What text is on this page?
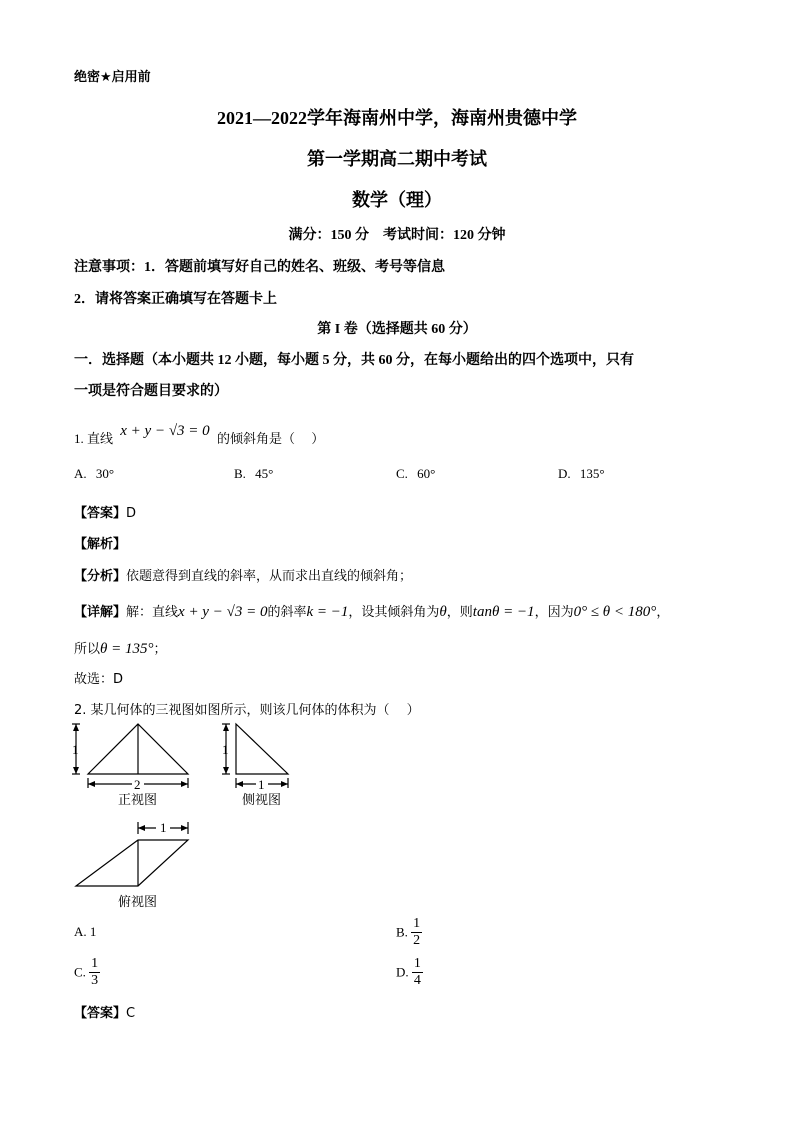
绝密★启用前
2021—2022学年海南州中学，海南州贵德中学
第一学期高二期中考试
数学（理）
满分：150 分　考试时间：120 分钟
注意事项：1．答题前填写好自己的姓名、班级、考号等信息
2．请将答案正确填写在答题卡上
第 I 卷（选择题共 60 分）
一．选择题（本小题共 12 小题，每小题 5 分，共 60 分，在每小题给出的四个选项中，只有
一项是符合题目要求的）
1. 直线 x + y − √3 = 0 的倾斜角是（　 ）
A. 30°	B. 45°	C. 60°	D. 135°
【答案】D
【解析】
【分析】依题意得到直线的斜率，从而求出直线的倾斜角；
【详解】解：直线x + y − √3 = 0的斜率k = −1，设其倾斜角为θ，则tanθ = −1，因为0° ≤ θ < 180°，
所以θ = 135°；
故选：D
2. 某几何体的三视图如图所示，则该几何体的体积为（　 ）
1
2
1
1
1
正视图	侧视图
俯视图
A. 1	B. $\frac{1}{2}$
C. $\frac{1}{3}$	D. $\frac{1}{4}$
【答案】C
